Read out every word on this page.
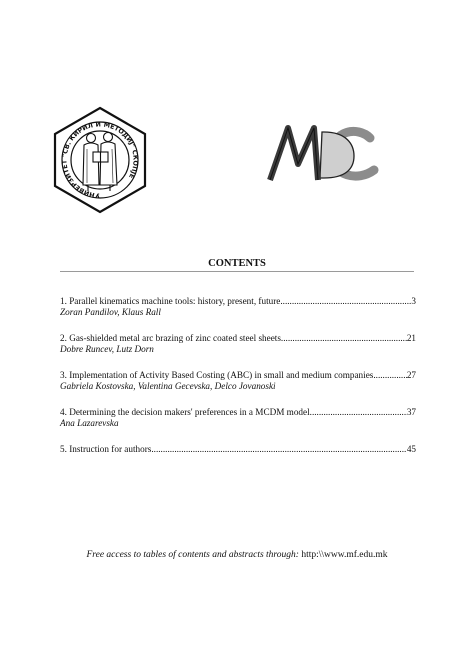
УНИВЕРЗИТЕТ "СВ. КИРИЛ И МЕТОДИЈ" СКОПЈЕ
CONTENTS
1. Parallel kinematics machine tools: history, present, future .....	3
Zoran Pandilov, Klaus Rall
2. Gas-shielded metal arc brazing of zinc coated steel sheets .....	21
Dobre Runcev, Lutz Dorn
3. Implementation of Activity Based Costing (ABC) in small and medium companies .....	27
Gabriela Kostovska, Valentina Gecevska, Delco Jovanoski
4. Determining the decision makers' preferences in a MCDM model .....	37
Ana Lazarevska
5. Instruction for authors .....	45
Free access to tables of contents and abstracts through: http:\\www.mf.edu.mk
